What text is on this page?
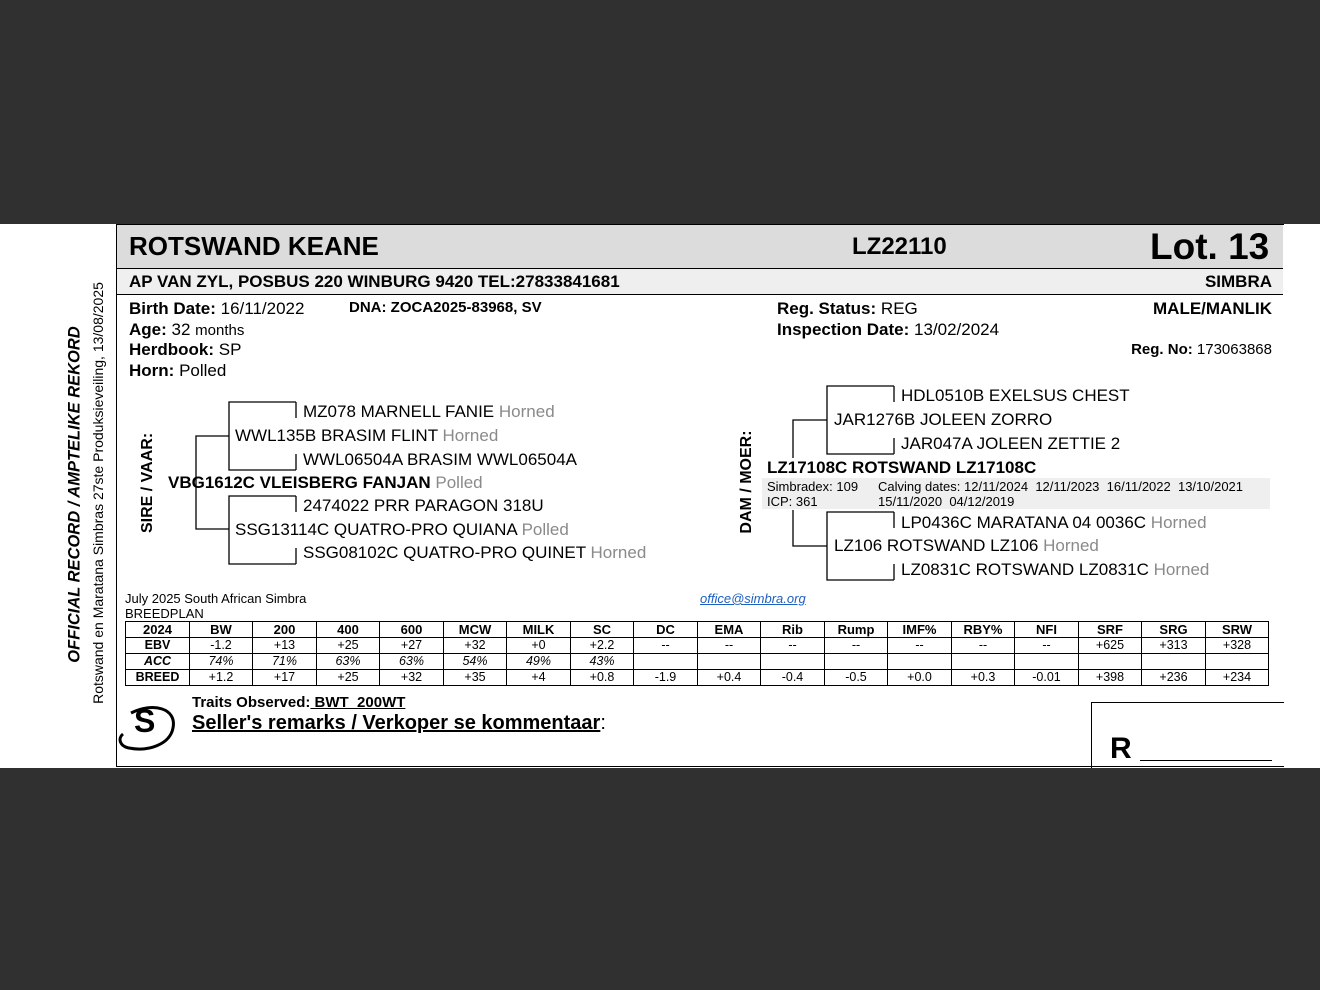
OFFICIAL RECORD / AMPTELIKE REKORD Rotswand en Maratana Simbras 27ste Produksieveiling, 13/08/2025
ROTSWAND KEANE	LZ22110	Lot. 13
AP VAN ZYL, POSBUS 220 WINBURG 9420 TEL:27833841681	SIMBRA
Birth Date: 16/11/2022	DNA: ZOCA2025-83968, SV
Age: 32 months
Herdbook: SP
Horn: Polled
Reg. Status: REG
Inspection Date: 13/02/2024
MALE/MANLIK
Reg. No: 173063868
SIRE / VAAR:
MZ078 MARNELL FANIE Horned
WWL135B BRASIM FLINT Horned
WWL06504A BRASIM WWL06504A
VBG1612C VLEISBERG FANJAN Polled
2474022 PRR PARAGON 318U
SSG13114C QUATRO-PRO QUIANA Polled
SSG08102C QUATRO-PRO QUINET Horned
DAM / MOER:
HDL0510B EXELSUS CHEST
JAR1276B JOLEEN ZORRO
JAR047A JOLEEN ZETTIE 2
LZ17108C ROTSWAND LZ17108C
Simbradex: 109
ICP: 361
Calving dates: 12/11/2024  12/11/2023  16/11/2022  13/10/2021
15/11/2020  04/12/2019
LP0436C MARATANA 04 0036C Horned
LZ106 ROTSWAND LZ106 Horned
LZ0831C ROTSWAND LZ0831C Horned
July 2025 South African Simbra
BREEDPLAN
office@simbra.org
2024	BW	200	400	600	MCW	MILK	SC	DC	EMA	Rib	Rump	IMF%	RBY%	NFI	SRF	SRG	SRW
EBV	-1.2	+13	+25	+27	+32	+0	+2.2	--	--	--	--	--	--	--	+625	+313	+328
ACC	74%	71%	63%	63%	54%	49%	43%										
BREED	+1.2	+17	+25	+32	+35	+4	+0.8	-1.9	+0.4	-0.4	-0.5	+0.0	+0.3	-0.01	+398	+236	+234
S
Traits Observed: BWT  200WT
Seller's remarks / Verkoper se kommentaar:
R
